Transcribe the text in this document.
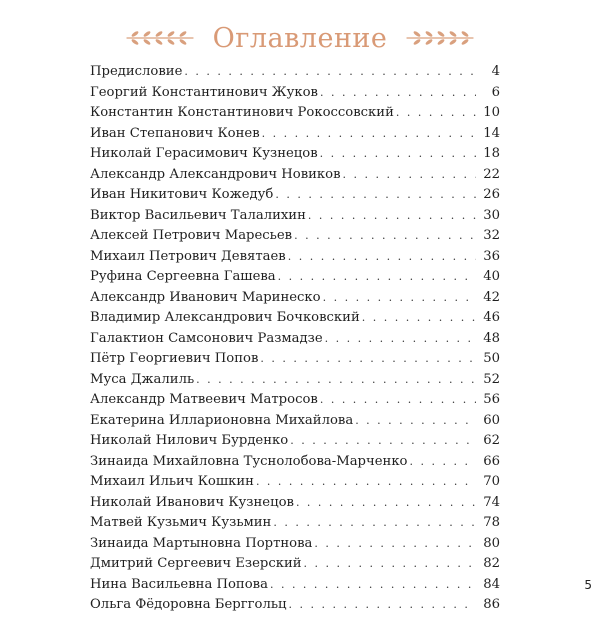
Оглавление
Предисловие . . .	4
Георгий Константинович Жуков . . .	6
Константин Константинович Рокоссовский . . .	10
Иван Степанович Конев . . .	14
Николай Герасимович Кузнецов . . .	18
Александр Александрович Новиков . . .	22
Иван Никитович Кожедуб . . .	26
Виктор Васильевич Талалихин . . .	30
Алексей Петрович Маресьев . . .	32
Михаил Петрович Девятаев . . .	36
Руфина Сергеевна Гашева . . .	40
Александр Иванович Маринеско . . .	42
Владимир Александрович Бочковский . . .	46
Галактион Самсонович Размадзе . . .	48
Пётр Георгиевич Попов . . .	50
Муса Джалиль . . .	52
Александр Матвеевич Матросов . . .	56
Екатерина Илларионовна Михайлова . . .	60
Николай Нилович Бурденко . . .	62
Зинаида Михайловна Туснолобова-Марченко . . .	66
Михаил Ильич Кошкин . . .	70
Николай Иванович Кузнецов . . .	74
Матвей Кузьмич Кузьмин . . .	78
Зинаида Мартыновна Портнова . . .	80
Дмитрий Сергеевич Езерский . . .	82
Нина Васильевна Попова . . .	84
Ольга Фёдоровна Берггольц . . .	86
5
